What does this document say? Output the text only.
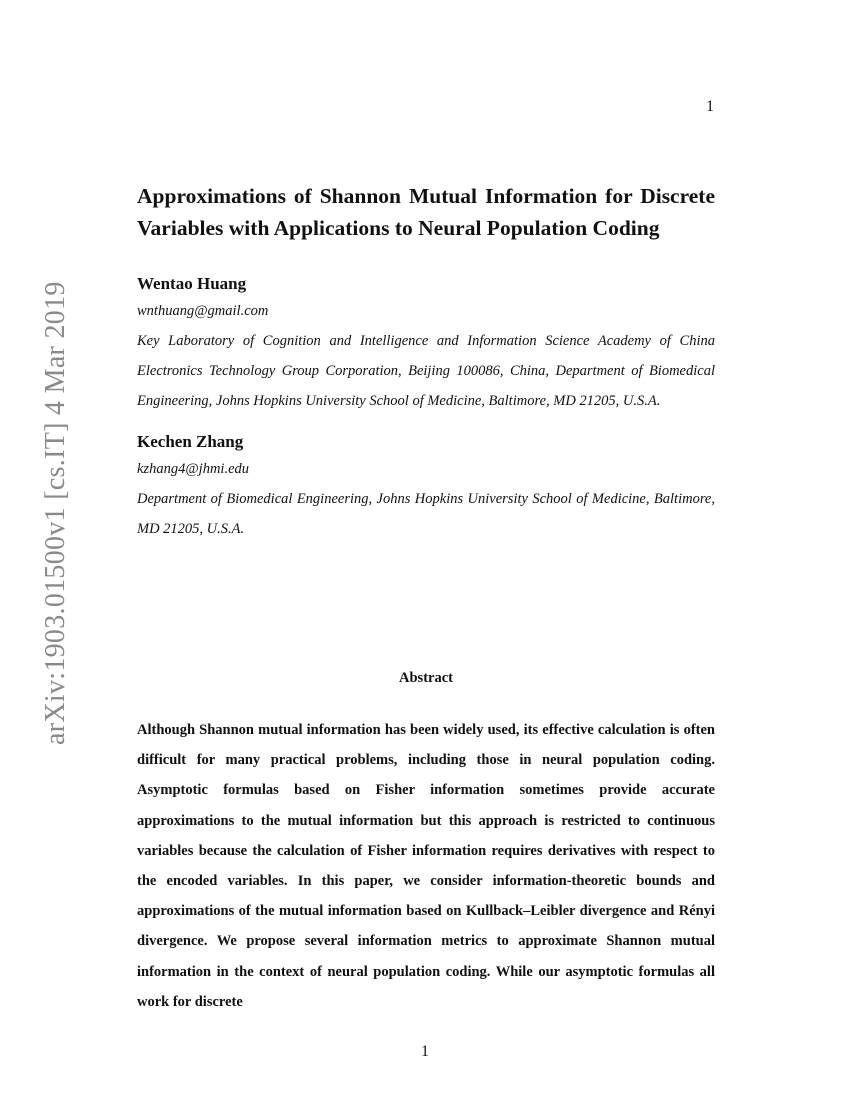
1
arXiv:1903.01500v1 [cs.IT] 4 Mar 2019
Approximations of Shannon Mutual Information for Discrete Variables with Applications to Neural Population Coding

Wentao Huang

wnthuang@gmail.com

Key Laboratory of Cognition and Intelligence and Information Science Academy of China Electronics Technology Group Corporation, Beijing 100086, China, Department of Biomedical Engineering, Johns Hopkins University School of Medicine, Baltimore, MD 21205, U.S.A.

Kechen Zhang

kzhang4@jhmi.edu

Department of Biomedical Engineering, Johns Hopkins University School of Medicine, Baltimore, MD 21205, U.S.A.

Abstract

Although Shannon mutual information has been widely used, its effective calculation is often difficult for many practical problems, including those in neural population coding. Asymptotic formulas based on Fisher information sometimes provide accurate approximations to the mutual information but this approach is restricted to continuous variables because the calculation of Fisher information requires derivatives with respect to the encoded variables. In this paper, we consider information-theoretic bounds and approximations of the mutual information based on Kullback–Leibler divergence and Rényi divergence. We propose several information metrics to approximate Shannon mutual information in the context of neural population coding. While our asymptotic formulas all work for discrete

1
